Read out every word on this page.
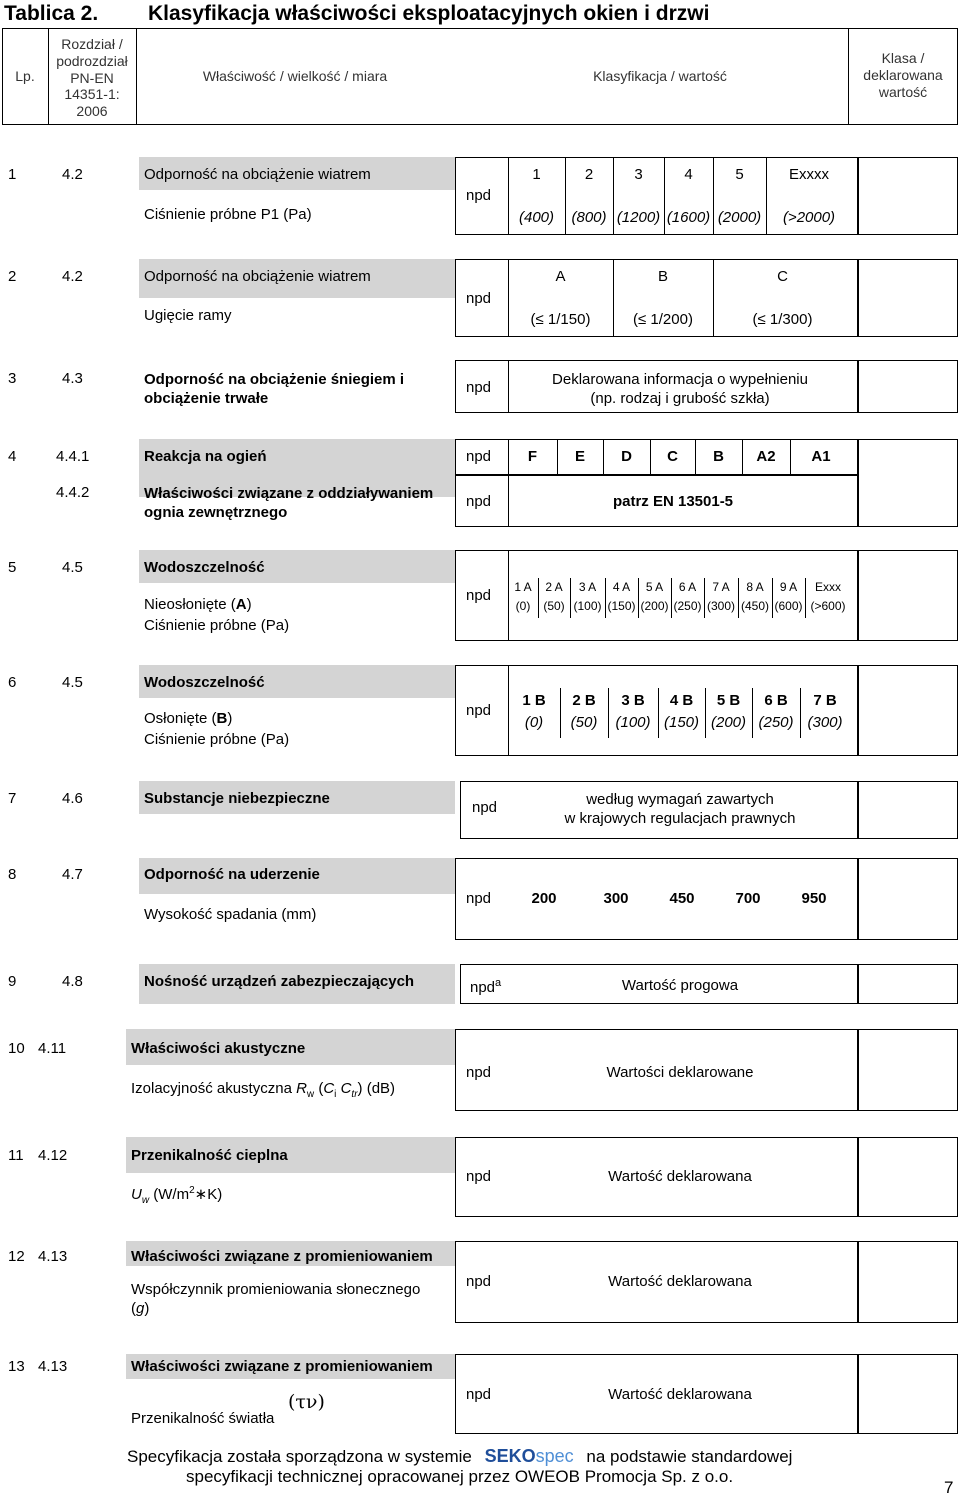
Tablica 2. Klasyfikacja właściwości eksploatacyjnych okien i drzwi
Lp.
Rozdział /
podrozdział
PN-EN
14351-1:
2006
Właściwość / wielkość / miara	Klasyfikacja / wartość
Klasa /
deklarowana
wartość
1	4.2	Odporność na obciążenie wiatrem
Ciśnienie próbne P1 (Pa)
npd
1	2	3	4	5	Exxxx
(400)	(800) (1200) (1600) (2000)	(>2000)
2	4.2	Odporność na obciążenie wiatrem
Ugięcie ramy
npd
A	B	C
(≤ 1/150)	(≤ 1/200)	(≤ 1/300)
3	4.3	Odporność na obciążenie śniegiem i
obciążenie trwałe
npd	Deklarowana informacja o wypełnieniu
(np. rodzaj i grubość szkła)
4	4.4.1	Reakcja na ogień	npd	F	E	D	C	B	A2	A1
4.4.2	Właściwości związane z oddziaływaniem
ognia zewnętrznego
npd	patrz EN 13501-5
5	4.5	Wodoszczelność
Nieosłonięte (A)
Ciśnienie próbne (Pa)
npd	1 A	2 A	3 A	4 A	5 A	6 A	7 A	8 A	9 A	Exxx
(0)	(50) (100) (150) (200) (250) (300) (450) (600) (>600)
6	4.5	Wodoszczelność
Osłonięte (B)
Ciśnienie próbne (Pa)
npd
1 B	2 B	3 B	4 B	5 B	6 B	7 B
(0)	(50)	(100) (150) (200) (250) (300)
7	4.6	Substancje niebezpieczne
npd	według wymagań zawartych
w krajowych regulacjach prawnych
8	4.7	Odporność na uderzenie
Wysokość spadania (mm)
npd	200	300	450	700	950
9	4.8	Nośność urządzeń zabezpieczających	npd$^a$	Wartość progowa
10 4.11	Właściwości akustyczne
Izolacyjność akustyczna $R_w$ ($C_i$ $C_{tr}$) (dB)
npd	Wartości deklarowane
11 4.12	Przenikalność cieplna
$U_w$ $(W/m^2∗K)$
npd	Wartość deklarowana
12 4.13	Właściwości związane z promieniowaniem
Współczynnik promieniowania słonecznego
(g)
npd	Wartość deklarowana
13 4.13	Właściwości związane z promieniowaniem
Przenikalność światła
(τν)	npd	Wartość deklarowana
Specyfikacja została sporządzona w systemie SEKOspec na podstawie standardowej
specyfikacji technicznej opracowanej przez OWEOB Promocja Sp. z o.o.
7
